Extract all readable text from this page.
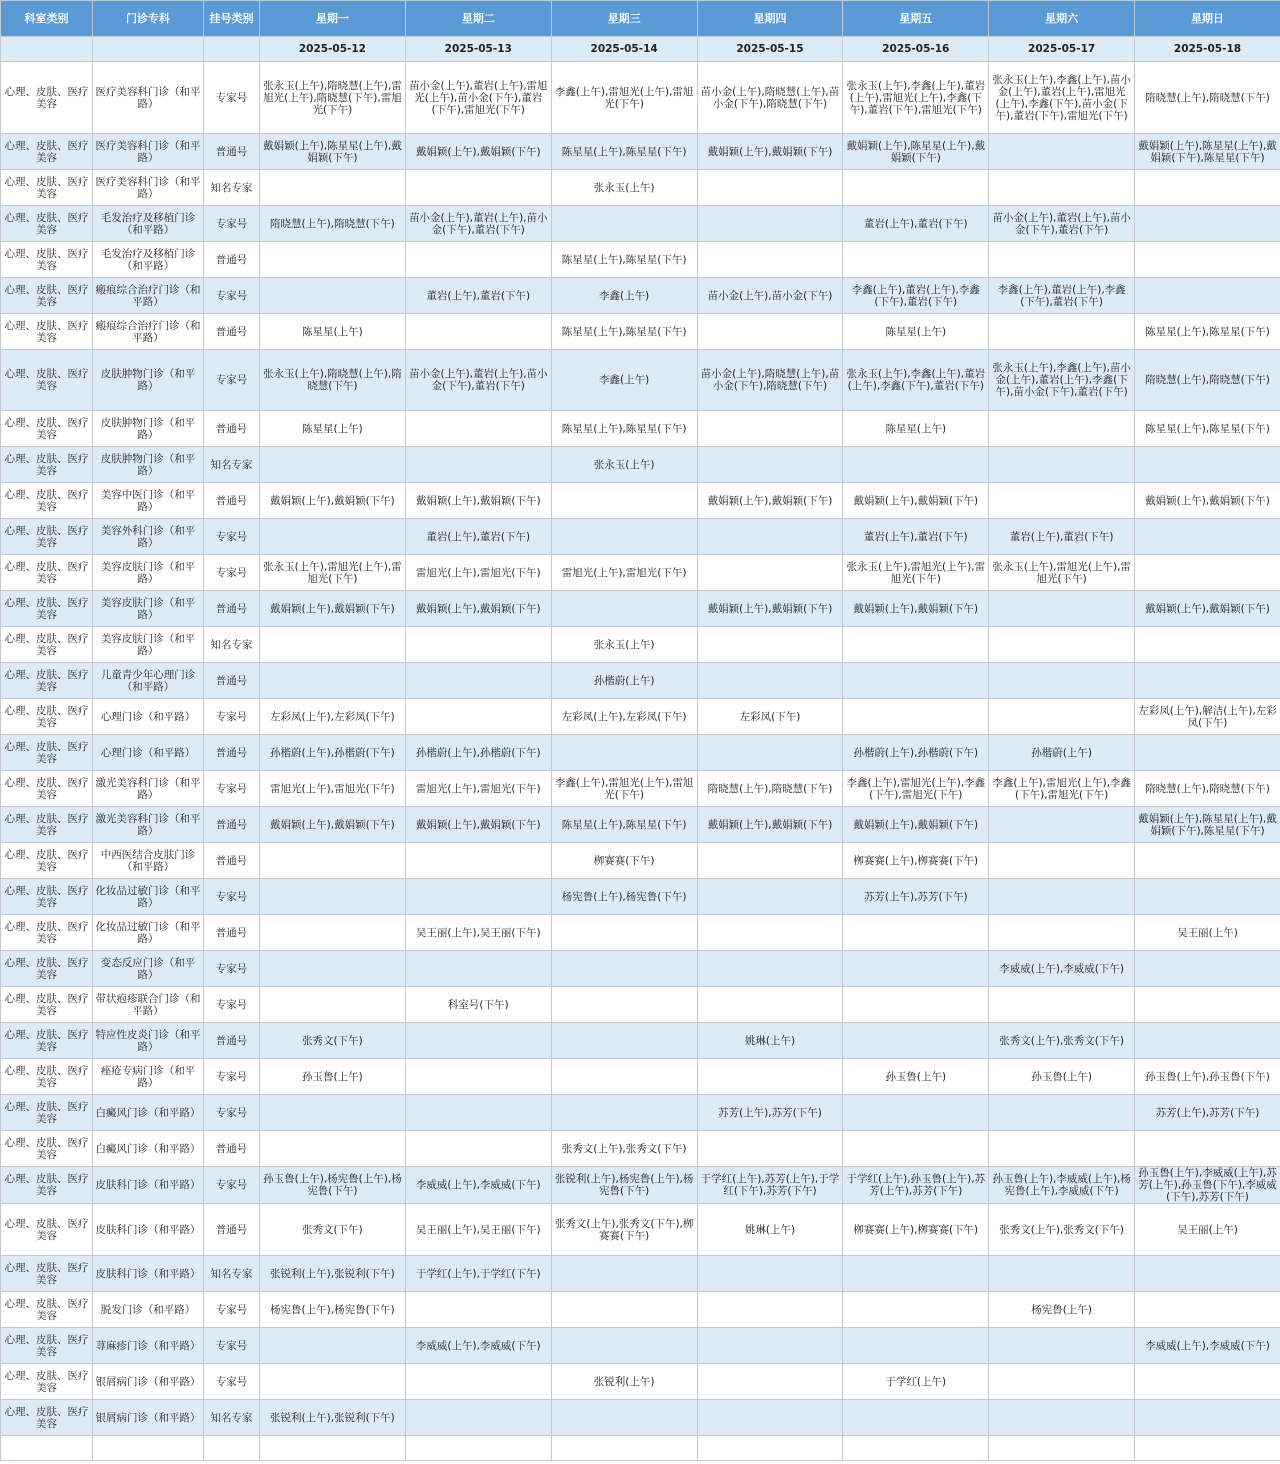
科室类别	门诊专科	挂号类别	星期一	星期二	星期三	星期四	星期五	星期六	星期日
			2025-05-12	2025-05-13	2025-05-14	2025-05-15	2025-05-16	2025-05-17	2025-05-18
心理、皮肤、医疗美容	医疗美容科门诊（和平路）	专家号	张永玉(上午),隋晓慧(上午),雷旭光(上午),隋晓慧(下午),雷旭光(下午)	苗小金(上午),董岩(上午),雷旭光(上午),苗小金(下午),董岩(下午),雷旭光(下午)	李鑫(上午),雷旭光(上午),雷旭光(下午)	苗小金(上午),隋晓慧(上午),苗小金(下午),隋晓慧(下午)	张永玉(上午),李鑫(上午),董岩(上午),雷旭光(上午),李鑫(下午),董岩(下午),雷旭光(下午)	张永玉(上午),李鑫(上午),苗小金(上午),董岩(上午),雷旭光(上午),李鑫(下午),苗小金(下午),董岩(下午),雷旭光(下午)	隋晓慧(上午),隋晓慧(下午)
心理、皮肤、医疗美容	医疗美容科门诊（和平路）	普通号	戴娟颖(上午),陈星星(上午),戴娟颖(下午)	戴娟颖(上午),戴娟颖(下午)	陈星星(上午),陈星星(下午)	戴娟颖(上午),戴娟颖(下午)	戴娟颖(上午),陈星星(上午),戴娟颖(下午)		戴娟颖(上午),陈星星(上午),戴娟颖(下午),陈星星(下午)
心理、皮肤、医疗美容	医疗美容科门诊（和平路）	知名专家			张永玉(上午)				
心理、皮肤、医疗美容	毛发治疗及移植门诊（和平路）	专家号	隋晓慧(上午),隋晓慧(下午)	苗小金(上午),董岩(上午),苗小金(下午),董岩(下午)			董岩(上午),董岩(下午)	苗小金(上午),董岩(上午),苗小金(下午),董岩(下午)	
心理、皮肤、医疗美容	毛发治疗及移植门诊（和平路）	普通号			陈星星(上午),陈星星(下午)				
心理、皮肤、医疗美容	瘢痕综合治疗门诊（和平路）	专家号		董岩(上午),董岩(下午)	李鑫(上午)	苗小金(上午),苗小金(下午)	李鑫(上午),董岩(上午),李鑫(下午),董岩(下午)	李鑫(上午),董岩(上午),李鑫(下午),董岩(下午)	
心理、皮肤、医疗美容	瘢痕综合治疗门诊（和平路）	普通号	陈星星(上午)		陈星星(上午),陈星星(下午)		陈星星(上午)		陈星星(上午),陈星星(下午)
心理、皮肤、医疗美容	皮肤肿物门诊（和平路）	专家号	张永玉(上午),隋晓慧(上午),隋晓慧(下午)	苗小金(上午),董岩(上午),苗小金(下午),董岩(下午)	李鑫(上午)	苗小金(上午),隋晓慧(上午),苗小金(下午),隋晓慧(下午)	张永玉(上午),李鑫(上午),董岩(上午),李鑫(下午),董岩(下午)	张永玉(上午),李鑫(上午),苗小金(上午),董岩(上午),李鑫(下午),苗小金(下午),董岩(下午)	隋晓慧(上午),隋晓慧(下午)
心理、皮肤、医疗美容	皮肤肿物门诊（和平路）	普通号	陈星星(上午)		陈星星(上午),陈星星(下午)		陈星星(上午)		陈星星(上午),陈星星(下午)
心理、皮肤、医疗美容	皮肤肿物门诊（和平路）	知名专家			张永玉(上午)				
心理、皮肤、医疗美容	美容中医门诊（和平路）	普通号	戴娟颖(上午),戴娟颖(下午)	戴娟颖(上午),戴娟颖(下午)		戴娟颖(上午),戴娟颖(下午)	戴娟颖(上午),戴娟颖(下午)		戴娟颖(上午),戴娟颖(下午)
心理、皮肤、医疗美容	美容外科门诊（和平路）	专家号		董岩(上午),董岩(下午)			董岩(上午),董岩(下午)	董岩(上午),董岩(下午)	
心理、皮肤、医疗美容	美容皮肤门诊（和平路）	专家号	张永玉(上午),雷旭光(上午),雷旭光(下午)	雷旭光(上午),雷旭光(下午)	雷旭光(上午),雷旭光(下午)		张永玉(上午),雷旭光(上午),雷旭光(下午)	张永玉(上午),雷旭光(上午),雷旭光(下午)	
心理、皮肤、医疗美容	美容皮肤门诊（和平路）	普通号	戴娟颖(上午),戴娟颖(下午)	戴娟颖(上午),戴娟颖(下午)		戴娟颖(上午),戴娟颖(下午)	戴娟颖(上午),戴娟颖(下午)		戴娟颖(上午),戴娟颖(下午)
心理、皮肤、医疗美容	美容皮肤门诊（和平路）	知名专家			张永玉(上午)				
心理、皮肤、医疗美容	儿童青少年心理门诊（和平路）	普通号			孙楷蔚(上午)				
心理、皮肤、医疗美容	心理门诊（和平路）	专家号	左彩凤(上午),左彩凤(下午)		左彩凤(上午),左彩凤(下午)	左彩凤(下午)			左彩凤(上午),解洁(上午),左彩凤(下午)
心理、皮肤、医疗美容	心理门诊（和平路）	普通号	孙楷蔚(上午),孙楷蔚(下午)	孙楷蔚(上午),孙楷蔚(下午)			孙楷蔚(上午),孙楷蔚(下午)	孙楷蔚(上午)	
心理、皮肤、医疗美容	激光美容科门诊（和平路）	专家号	雷旭光(上午),雷旭光(下午)	雷旭光(上午),雷旭光(下午)	李鑫(上午),雷旭光(上午),雷旭光(下午)	隋晓慧(上午),隋晓慧(下午)	李鑫(上午),雷旭光(上午),李鑫(下午),雷旭光(下午)	李鑫(上午),雷旭光(上午),李鑫(下午),雷旭光(下午)	隋晓慧(上午),隋晓慧(下午)
心理、皮肤、医疗美容	激光美容科门诊（和平路）	普通号	戴娟颖(上午),戴娟颖(下午)	戴娟颖(上午),戴娟颖(下午)	陈星星(上午),陈星星(下午)	戴娟颖(上午),戴娟颖(下午)	戴娟颖(上午),戴娟颖(下午)		戴娟颖(上午),陈星星(上午),戴娟颖(下午),陈星星(下午)
心理、皮肤、医疗美容	中西医结合皮肤门诊（和平路）	普通号			栁赛赛(下午)		栁赛赛(上午),栁赛赛(下午)		
心理、皮肤、医疗美容	化妆品过敏门诊（和平路）	专家号			杨宪鲁(上午),杨宪鲁(下午)		苏芳(上午),苏芳(下午)		
心理、皮肤、医疗美容	化妆品过敏门诊（和平路）	普通号		吴王丽(上午),吴王丽(下午)					吴王丽(上午)
心理、皮肤、医疗美容	变态反应门诊（和平路）	专家号						李威威(上午),李威威(下午)	
心理、皮肤、医疗美容	带状疱疹联合门诊（和平路）	专家号		科室号(下午)					
心理、皮肤、医疗美容	特应性皮炎门诊（和平路）	普通号	张秀文(下午)			姚琳(上午)		张秀文(上午),张秀文(下午)	
心理、皮肤、医疗美容	痤疮专病门诊（和平路）	专家号	孙玉鲁(上午)				孙玉鲁(上午)	孙玉鲁(上午)	孙玉鲁(上午),孙玉鲁(下午)
心理、皮肤、医疗美容	白癜风门诊（和平路）	专家号				苏芳(上午),苏芳(下午)			苏芳(上午),苏芳(下午)
心理、皮肤、医疗美容	白癜风门诊（和平路）	普通号			张秀文(上午),张秀文(下午)				
心理、皮肤、医疗美容	皮肤科门诊（和平路）	专家号	孙玉鲁(上午),杨宪鲁(上午),杨宪鲁(下午)	李威威(上午),李威威(下午)	张锐利(上午),杨宪鲁(上午),杨宪鲁(下午)	于学红(上午),苏芳(上午),于学红(下午),苏芳(下午)	于学红(上午),孙玉鲁(上午),苏芳(上午),苏芳(下午)	孙玉鲁(上午),李威威(上午),杨宪鲁(上午),李威威(下午)	孙玉鲁(上午),李威威(上午),苏芳(上午),孙玉鲁(下午),李威威(下午),苏芳(下午)
心理、皮肤、医疗美容	皮肤科门诊（和平路）	普通号	张秀文(下午)	吴王丽(上午),吴王丽(下午)	张秀文(上午),张秀文(下午),栁赛赛(下午)	姚琳(上午)	栁赛赛(上午),栁赛赛(下午)	张秀文(上午),张秀文(下午)	吴王丽(上午)
心理、皮肤、医疗美容	皮肤科门诊（和平路）	知名专家	张锐利(上午),张锐利(下午)	于学红(上午),于学红(下午)					
心理、皮肤、医疗美容	脱发门诊（和平路）	专家号	杨宪鲁(上午),杨宪鲁(下午)					杨宪鲁(上午)	
心理、皮肤、医疗美容	荨麻疹门诊（和平路）	专家号		李威威(上午),李威威(下午)					李威威(上午),李威威(下午)
心理、皮肤、医疗美容	银屑病门诊（和平路）	专家号			张锐利(上午)		于学红(上午)		
心理、皮肤、医疗美容	银屑病门诊（和平路）	知名专家	张锐利(上午),张锐利(下午)						
